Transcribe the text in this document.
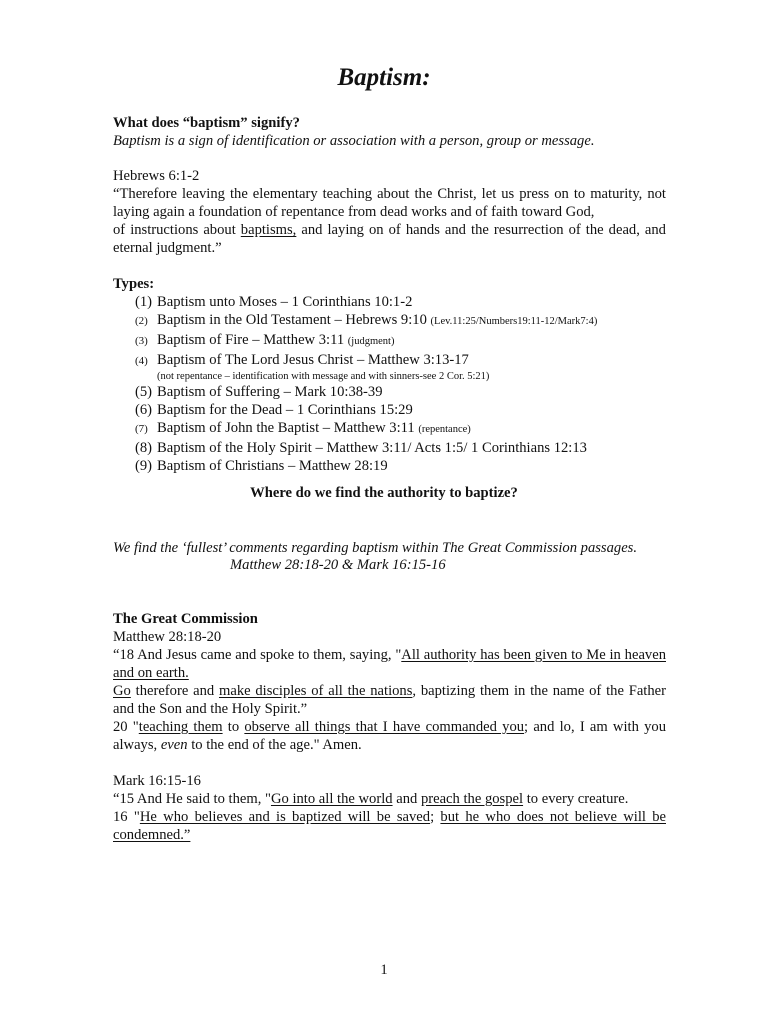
Baptism:
What does “baptism” signify?
Baptism is a sign of identification or association with a person, group or message.
Hebrews 6:1-2
“Therefore leaving the elementary teaching about the Christ, let us press on to maturity, not laying again a foundation of repentance from dead works and of faith toward God,
of instructions about baptisms, and laying on of hands and the resurrection of the dead, and eternal judgment.”
Types:
(1) Baptism unto Moses – 1 Corinthians 10:1-2
(2) Baptism in the Old Testament – Hebrews 9:10 (Lev.11:25/Numbers19:11-12/Mark7:4)
(3) Baptism of Fire – Matthew 3:11 (judgment)
(4) Baptism of The Lord Jesus Christ – Matthew 3:13-17
(not repentance – identification with message and with sinners-see 2 Cor. 5:21)
(5) Baptism of Suffering – Mark 10:38-39
(6) Baptism for the Dead – 1 Corinthians 15:29
(7) Baptism of John the Baptist – Matthew 3:11 (repentance)
(8) Baptism of the Holy Spirit – Matthew 3:11/ Acts 1:5/ 1 Corinthians 12:13
(9) Baptism of Christians – Matthew 28:19
Where do we find the authority to baptize?
We find the ‘fullest’ comments regarding baptism within The Great Commission passages.
Matthew 28:18-20 & Mark 16:15-16
The Great Commission
Matthew 28:18-20
“18 And Jesus came and spoke to them, saying, "All authority has been given to Me in heaven and on earth.
Go therefore and make disciples of all the nations, baptizing them in the name of the Father and the Son and the Holy Spirit.”
20 "teaching them to observe all things that I have commanded you; and lo, I am with you always, even to the end of the age." Amen.
Mark 16:15-16
“15 And He said to them, "Go into all the world and preach the gospel to every creature.
16 "He who believes and is baptized will be saved; but he who does not believe will be condemned.”
1
